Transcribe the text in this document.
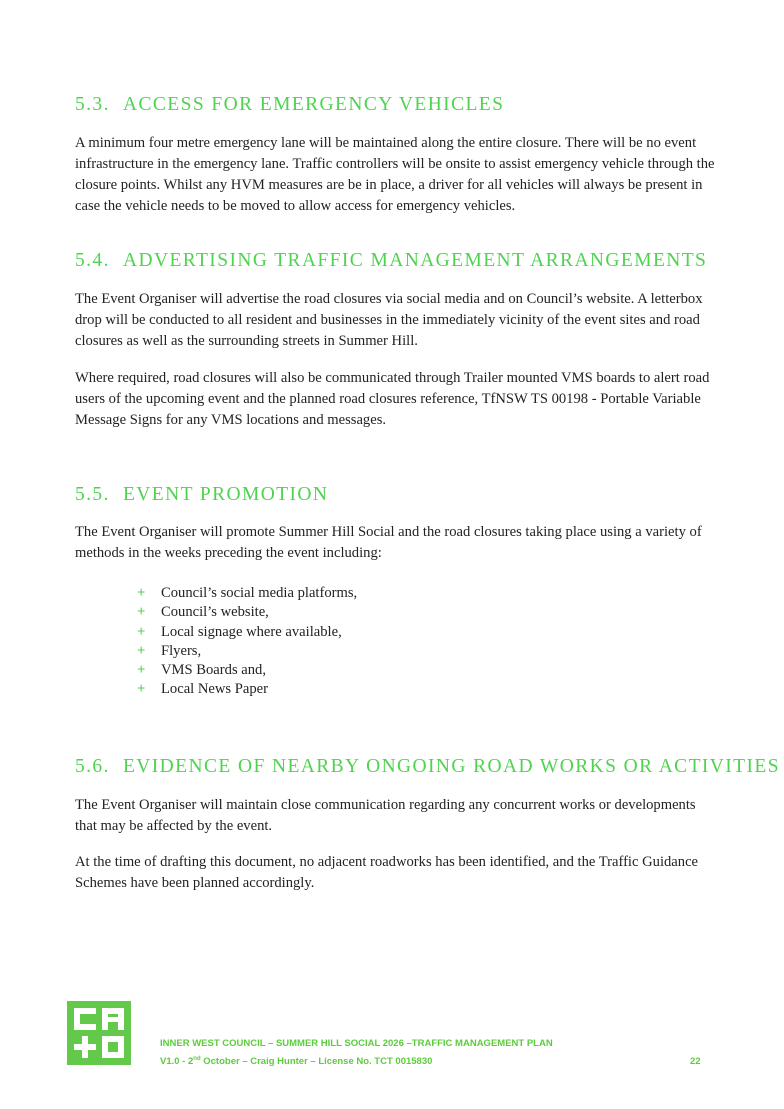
5.3. ACCESS FOR EMERGENCY VEHICLES

A minimum four metre emergency lane will be maintained along the entire closure. There will be no event infrastructure in the emergency lane. Traffic controllers will be onsite to assist emergency vehicle through the closure points. Whilst any HVM measures are be in place, a driver for all vehicles will always be present in case the vehicle needs to be moved to allow access for emergency vehicles.

5.4. ADVERTISING TRAFFIC MANAGEMENT ARRANGEMENTS

The Event Organiser will advertise the road closures via social media and on Council’s website. A letterbox drop will be conducted to all resident and businesses in the immediately vicinity of the event sites and road closures as well as the surrounding streets in Summer Hill.

Where required, road closures will also be communicated through Trailer mounted VMS boards to alert road users of the upcoming event and the planned road closures reference, TfNSW TS 00198 - Portable Variable Message Signs for any VMS locations and messages.

5.5. EVENT PROMOTION

The Event Organiser will promote Summer Hill Social and the road closures taking place using a variety of methods in the weeks preceding the event including:

+ Council’s social media platforms,
+ Council’s website,
+ Local signage where available,
+ Flyers,
+ VMS Boards and,
+ Local News Paper
5.6. EVIDENCE OF NEARBY ONGOING ROAD WORKS OR ACTIVITIES

The Event Organiser will maintain close communication regarding any concurrent works or developments that may be affected by the event.

At the time of drafting this document, no adjacent roadworks has been identified, and the Traffic Guidance Schemes have been planned accordingly.

INNER WEST COUNCIL – SUMMER HILL SOCIAL 2026 –TRAFFIC MANAGEMENT PLAN
V1.0 - 2nd October – Craig Hunter – License No. TCT 0015830	22
